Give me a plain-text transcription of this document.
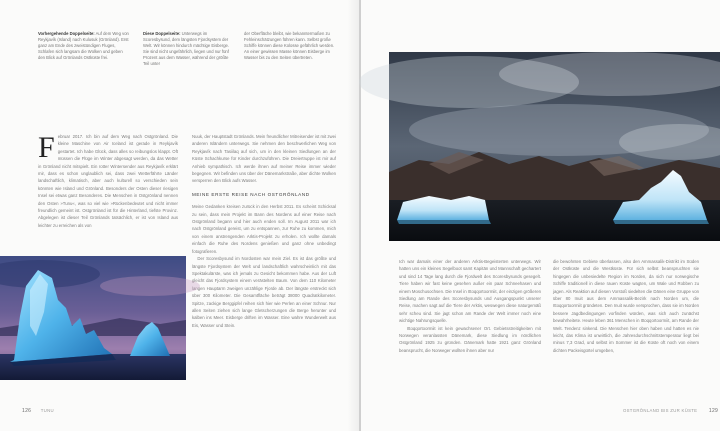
Vorhergehende Doppelseite: Auf dem Weg von Reykjavík (Island) nach Kulusuk (Grönland). Erst ganz am Ende des zweistündigen Fluges, Schlafen sich langsam die Wolken und geben den Blick auf Grönlands Ostküste frei.
Diese Doppelseite: Unterwegs im Scoresbysund, dem längsten Fjordsystem der Welt. Wir können hindurch mächtige Eisberge. Sie sind nicht ungefährlich, liegen und nur fünf Prozent aus dem Wasser, während der größte Teil unter
der Oberfläche bleibt, wie bekanntermaßen zu Fehleinschätzungen führen kann. Selbst große Schiffe können diese Kolosse gefährlich werden. An einer gewissen Masse können Eisberge im Wasser bis zu den Seiten übertreten.
F ebruar 2017. Ich bin auf dem Weg nach Ostgrönland. Die kleine Maschine von Air Iceland ist gerade in Reykjavík gestartet. Ich habe Glück, dass alles so reibungslos klappt. Oft müssen die Flüge im Winter abgesagt werden, da das Wetter in Grönland nicht mitspielt. Ein rotter Wintersender aus Reykjavík erklärt mir, dass es schon unglaublich sei, dass zwei Wetterfährte Länder landschaftlich, klimatisch, aber auch kulturell so verschieden sein könnten wie Island und Grönland. Besonders der Osten dieser riesigen Insel sei etwas ganz Besonderes. Die Menschen in Ostgrönland nennen den Osten »Tunu«, was so viel wie »Rückenbedeutet und nicht immer freundlich gemeint ist. Ostgrönland ist für die Hinterland, tiefste Provinz. Abgelegen ist dieser Teil Grönlands tatsächlich, er ist von Island aus leichter zu erreichen als von

Nuuk, der Hauptstadt Grönlands. Mein freundlicher Mitreisender ist mit zwei anderen Isländern unterwegs. Sie nehmen den beschwerlichen Weg von Reykjavík nach Tasiilaq auf sich, um in den kleinen Siedlungen an der Küste Schachkurse für Kinder durchzuführen. Die Dreiertruppe ist mir auf Anhieb sympathisch. Ich werde ihnen auf meiner Reise immer wieder begegnen. Wir befinden uns über der Dänemarkstraße, aber dichte Wolken versperren den Blick aufs Wasser.

MEINE ERSTE REISE NACH OSTGRÖNLAND

Meine Gedanken kreisen zurück in den Herbst 2011. Es scheint Schicksal zu sein, dass mein Projekt im Bann des Nordens auf einer Reise nach Ostgrönland begann und hier auch enden soll. Im August 2011 war ich nach Ostgrönland gereist, um zu entspannen, zur Ruhe zu kommen, mich von einem anstrengenden Arktis-Projekt zu erholen. Ich wollte damals einfach die Ruhe des Nordens genießen und ganz ohne unbedingt fotografieren.
Der Scoresbysund im Nordosten war mein Ziel. Es ist das größte und längste Fjordsystem der Welt und landschaftlich wahrscheinlich mit das Spektakulärste, was ich jemals zu Gesicht bekommen habe. Aus der Luft gleicht das Fjordsystem einem verästelten Baum. Von dem 110 Kilometer langen Hauptarm zweigen unzählige Fjorde ab. Der längste erstreckt sich über 300 Kilometer. Die Gesamtfläche beträgt 38000 Quadratkilometer. Spitze, zackige Berggipfel reihen sich hier wie Perlen an einer Schnur. Nur allen Seiten ziehen sich lange Gletscherzungen die Berge herunter und kalben ins Meer. Eisberge driften im Wasser. Eine wahre Wunderwelt aus Eis, Wasser und Stein.

126 TUNU

Ich war damals einer der anderen Arktis-Begeisterten unterwegs. Wir hatten uns ein kleines Segelboot samt Kapitän und Mannschaft gechartert und sind 14 Tage lang durch die Fjordwelt des Scoresbysunds gesegelt. Tiere haben wir fast keine gesehen außer ein paar Schneehasen und einem Moschusochsen. Die Insel in Ittoqqortoormiit, der einzigen größeren Siedlung am Rande des Scoresbysunds und Ausgangspunkt unserer Reise, machen sagt auf die Tiere der Arktis, weswegen diese naturgemäß sehr scheu sind. Sie jagt schon am Rande der Welt immer noch eine wichtige Nahrungsquelle.
Ittoqqortoormiit ist kein gewachsener Ort. Gebietsstreitigkeiten mit Norwegen veranlassten Dänemark, diese Siedlung im nördlichen Ostgrönland 1925 zu gründen. Dänemark hatte 1921 ganz Grönland beansprucht, die Norweger wollten ihnen aber nur

die bewohnten Gebiete überlassen, also den Ammassalik-Distrikt im Süden der Ostküste und die Westküste. Für sich selbst beanspruchten sie hingegen die unbesiedelte Region im Norden, da sich nur norwegische Schiffe traditionell in diese rauen Küste wagten, um Wale und Robben zu jagen. Als Reaktion auf diesen Vorstoß siedelten die Dänen eine Gruppe von über 80 Inuit aus dem Ammassalik-Bezirk nach Norden um, die Ittoqqortoormiit gründeten. Den Inuit wurde versprochen, dass sie im Norden bessere Jagdbedingungen vorfinden würden, was sich auch zunächst bewahrheitete. Heute leben 361 Menschen in Ittoqqortoormiit, am Rande der Welt. Tendenz sinkend. Die Menschen hier oben haben und hatten es nie leicht, das Klima ist unwirtlich, die Jahresdurchschnittstemperatur liegt bei minus 7,3 Grad, und selbst im Sommer ist die Küste oft noch von einem dichten Packeisgürtel umgeben,

OSTGRÖNLAND BIS ZUR KÜSTE 129
